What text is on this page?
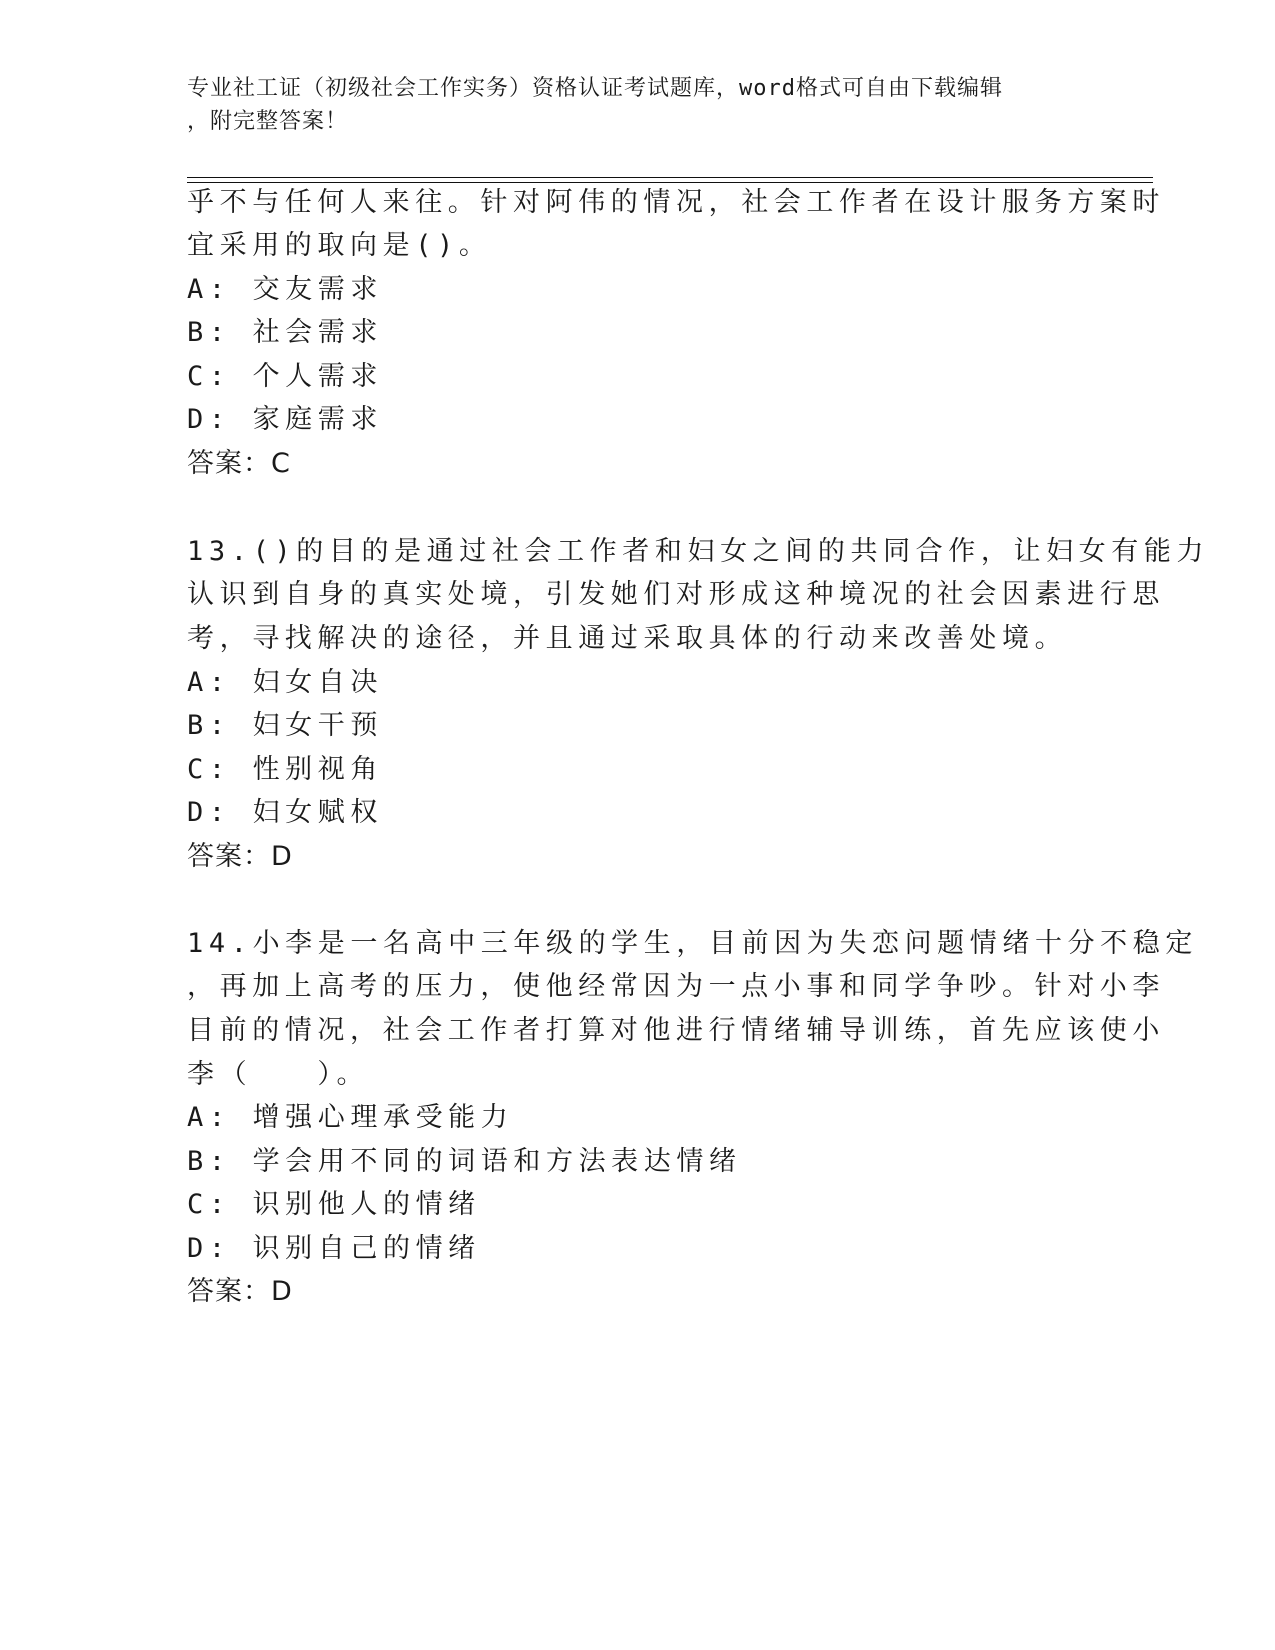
专业社工证（初级社会工作实务）资格认证考试题库，word格式可自由下载编辑
，附完整答案！
乎不与任何人来往。针对阿伟的情况，社会工作者在设计服务方案时
宜采用的取向是()。
A: 交友需求
B: 社会需求
C: 个人需求
D: 家庭需求
答案：C
13.()的目的是通过社会工作者和妇女之间的共同合作，让妇女有能力
认识到自身的真实处境，引发她们对形成这种境况的社会因素进行思
考，寻找解决的途径，并且通过采取具体的行动来改善处境。
A: 妇女自决
B: 妇女干预
C: 性别视角
D: 妇女赋权
答案：D
14.小李是一名高中三年级的学生，目前因为失恋问题情绪十分不稳定
，再加上高考的压力，使他经常因为一点小事和同学争吵。针对小李
目前的情况，社会工作者打算对他进行情绪辅导训练，首先应该使小
李（　　）。
A: 增强心理承受能力
B: 学会用不同的词语和方法表达情绪
C: 识别他人的情绪
D: 识别自己的情绪
答案：D
